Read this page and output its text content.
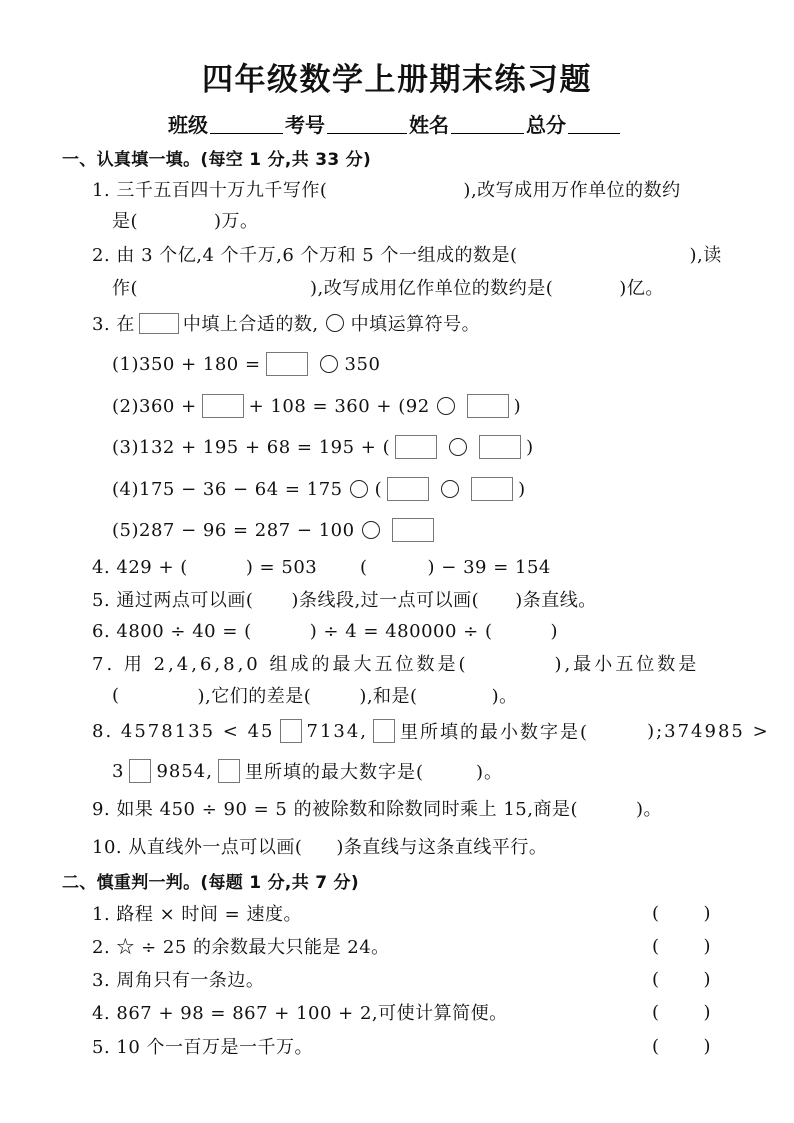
四年级数学上册期末练习题
班级	考号	姓名	总分
一、认真填一填。(每空 1 分,共 33 分)
1. 三千五百四十万九千写作(	),改写成用万作单位的数约
是(	)万。
2. 由 3 个亿,4 个千万,6 个万和 5 个一组成的数是(	),读
作(	),改写成用亿作单位的数约是(	)亿。
3. 在	中填上合适的数, 中填运算符号。
(1)350 + 180 =	350
(2)360 +	+ 108 = 360 + (92	)
(3)132 + 195 + 68 = 195 + (	)
(4)175 − 36 − 64 = 175 (	)
(5)287 − 96 = 287 − 100
4. 429 + (	) = 503 (	) − 39 = 154
5. 通过两点可以画( )条线段,过一点可以画( )条直线。
6. 4800 ÷ 40 = (	) ÷ 4 = 480000 ÷ (	)
7. 用 2,4,6,8,0 组成的最大五位数是(	),最小五位数是
(	),它们的差是(	),和是(	)。
8. 4578135 < 45 7134, 里所填的最小数字是(	);374985 >
3 9854, 里所填的最大数字是(	)。
9. 如果 450 ÷ 90 = 5 的被除数和除数同时乘上 15,商是(	)。
10. 从直线外一点可以画( )条直线与这条直线平行。
二、慎重判一判。(每题 1 分,共 7 分)
1. 路程 × 时间 = 速度。	( )
2. ☆ ÷ 25 的余数最大只能是 24。	( )
3. 周角只有一条边。	( )
4. 867 + 98 = 867 + 100 + 2,可使计算简便。	( )
5. 10 个一百万是一千万。	( )
